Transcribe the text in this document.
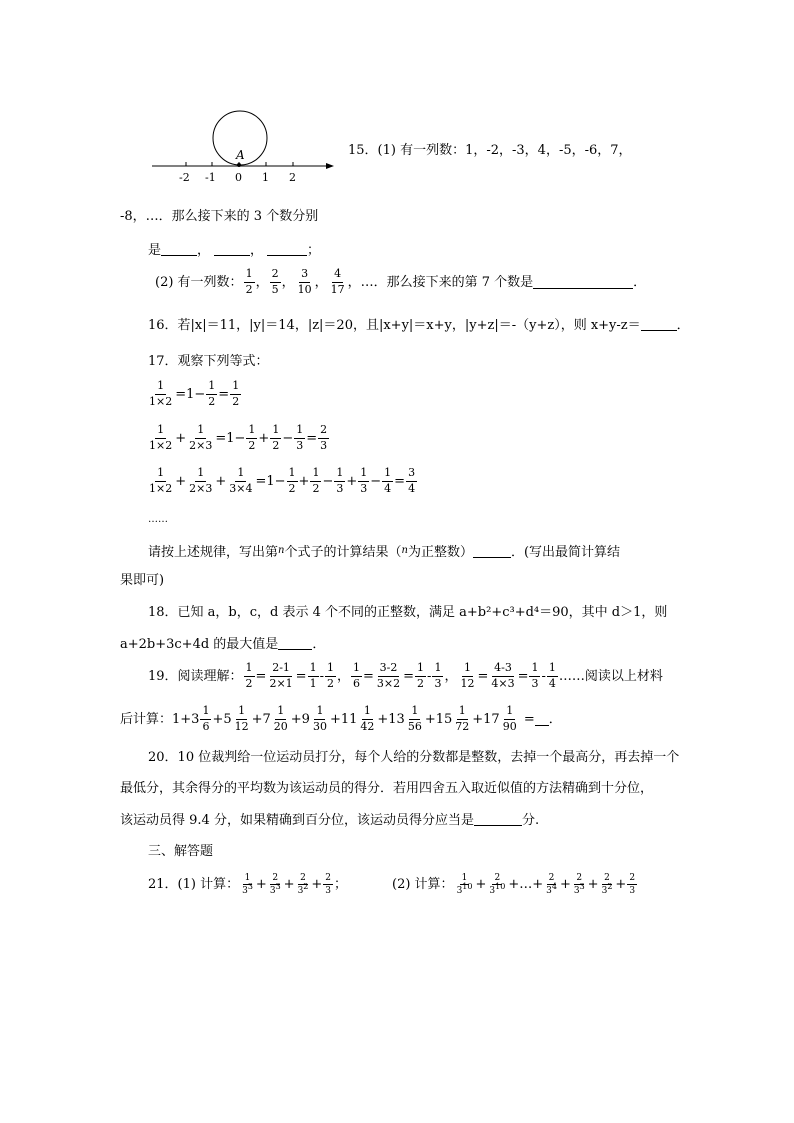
A
-2 -1 0 1 2
15．(1) 有一列数：1，-2，-3，4，-5，-6，7，
-8，…．那么接下来的 3 个数分别
是	，	，	；
(2) 有一列数： $\frac{1}{2}$ ， $\frac{2}{5}$ ， $\frac{3}{10}$ ， $\frac{4}{17}$ ，…．那么接下来的第 7 个数是	．
16．若|x|＝11，|y|＝14，|z|＝20，且|x+y|＝x+y，|y+z|＝-（y+z），则 x+y-z＝	．
17．观察下列等式：
$\frac{1}{1\times 2} =1- \frac{1}{2} = \frac{1}{2}$
$\frac{1}{1\times 2} + \frac{1}{2\times 3} =1- \frac{1}{2} + \frac{1}{2} - \frac{1}{3} = \frac{2}{3}$
$\frac{1}{1\times 2} + \frac{1}{2\times 3} + \frac{1}{3\times 4} =1- \frac{1}{2} + \frac{1}{2} - \frac{1}{3} + \frac{1}{3} - \frac{1}{4} = \frac{3}{4}$
……
请按上述规律，写出第$^n$个式子的计算结果（$^n$为正整数）	．(写出最简计算结
果即可)
18．已知 a，b，c，d 表示 4 个不同的正整数，满足 a+b²+c³+d⁴＝90，其中 d＞1，则
a+2b+3c+4d 的最大值是	．
19．阅读理解： $\frac{1}{2} = \frac{2-1}{2\times 1} = \frac{1}{1} - \frac{1}{2}$ ， $\frac{1}{6} = \frac{3-2}{3\times 2} = \frac{1}{2} - \frac{1}{3}$ ， $\frac{1}{12} = \frac{4-3}{4\times 3} = \frac{1}{3} - \frac{1}{4}$ ……阅读以上材料
后计算：$1+3 \frac{1}{6} +5 \frac{1}{12} +7 \frac{1}{20} +9 \frac{1}{30} +11 \frac{1}{42} +13 \frac{1}{56} +15 \frac{1}{72} +17 \frac{1}{90}$ = ．
20．10 位裁判给一位运动员打分，每个人给的分数都是整数，去掉一个最高分，再去掉一个
最低分，其余得分的平均数为该运动员的得分．若用四舍五入取近似值的方法精确到十分位，
该运动员得 9.4 分，如果精确到百分位，该运动员得分应当是	分.
三、解答题
21．(1) 计算： $\frac{1}{3^3} + \frac{2}{3^3} + \frac{2}{3^2} + \frac{2}{3}$ ；	(2) 计算： $\frac{1}{3^{10}} + \frac{2}{3^{10}}$ +…+ $\frac{2}{3^4} + \frac{2}{3^3} + \frac{2}{3^2} + \frac{2}{3}$
